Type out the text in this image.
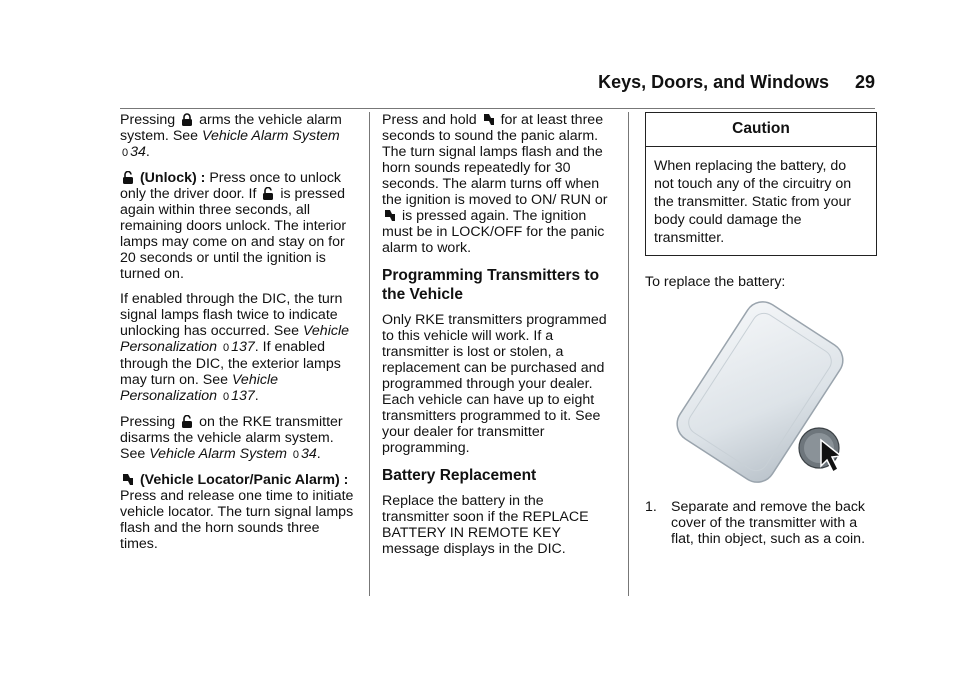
Keys, Doors, and Windows 29

Pressing arms the vehicle alarm system. See Vehicle Alarm System 0 34.

(Unlock) : Press once to unlock only the driver door. If is pressed again within three seconds, all remaining doors unlock. The interior lamps may come on and stay on for 20 seconds or until the ignition is turned on.

If enabled through the DIC, the turn signal lamps flash twice to indicate unlocking has occurred. See Vehicle Personalization 0 137. If enabled through the DIC, the exterior lamps may turn on. See Vehicle Personalization 0 137.

Pressing on the RKE transmitter disarms the vehicle alarm system. See Vehicle Alarm System 0 34.

(Vehicle Locator/Panic Alarm) : Press and release one time to initiate vehicle locator. The turn signal lamps flash and the horn sounds three times.

Press and hold for at least three seconds to sound the panic alarm. The turn signal lamps flash and the horn sounds repeatedly for 30 seconds. The alarm turns off when the ignition is moved to ON/ RUN or  is pressed again. The ignition must be in LOCK/OFF for the panic alarm to work.

Programming Transmitters to the Vehicle

Only RKE transmitters programmed to this vehicle will work. If a transmitter is lost or stolen, a replacement can be purchased and programmed through your dealer. Each vehicle can have up to eight transmitters programmed to it. See your dealer for transmitter programming.

Battery Replacement

Replace the battery in the transmitter soon if the REPLACE BATTERY IN REMOTE KEY message displays in the DIC.

Caution
When replacing the battery, do not touch any of the circuitry on the transmitter. Static from your body could damage the transmitter.

To replace the battery:

1. Separate and remove the back cover of the transmitter with a flat, thin object, such as a coin.
